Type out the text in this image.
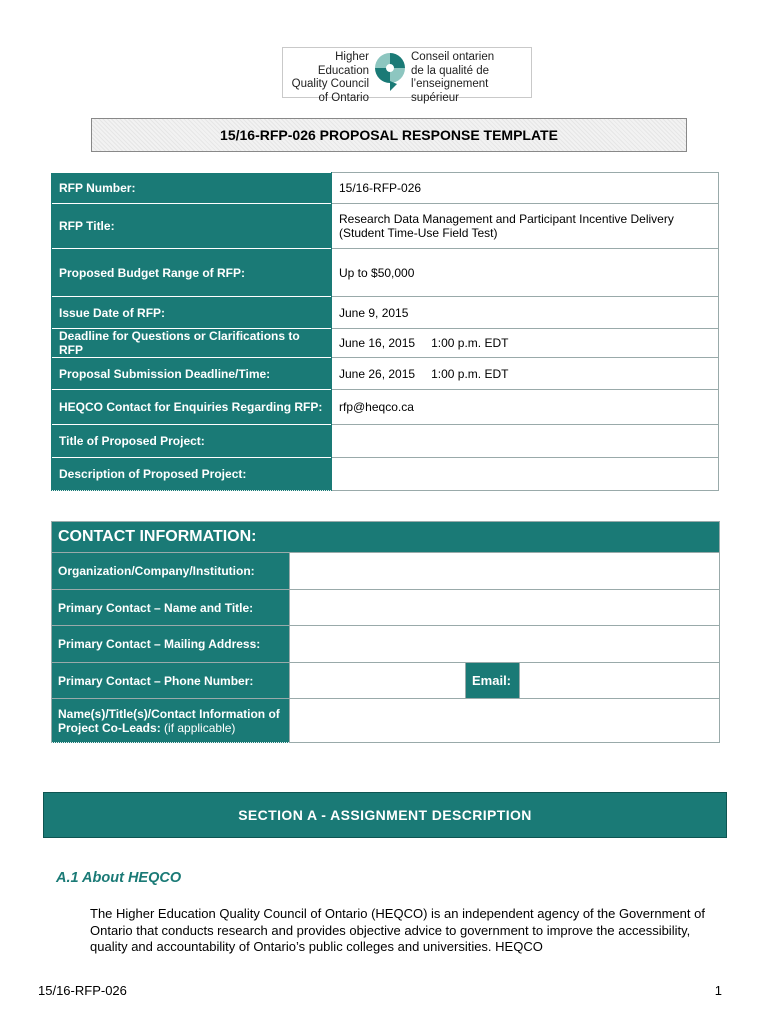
Higher Education
Quality Council
of Ontario
Conseil ontarien
de la qualité de
l’enseignement supérieur
15/16-RFP-026 PROPOSAL RESPONSE TEMPLATE
RFP Number:	15/16-RFP-026
RFP Title:	Research Data Management and Participant Incentive Delivery (Student Time-Use Field Test)
Proposed Budget Range of RFP:	Up to $50,000
Issue Date of RFP:	June 9, 2015
Deadline for Questions or Clarifications to RFP	June 16, 2015 1:00 p.m. EDT
Proposal Submission Deadline/Time:	June 26, 2015 1:00 p.m. EDT
HEQCO Contact for Enquiries Regarding RFP:	rfp@heqco.ca
Title of Proposed Project:	
Description of Proposed Project:	
CONTACT INFORMATION:			
Organization/Company/Institution:			
Primary Contact – Name and Title:			
Primary Contact – Mailing Address:			
Primary Contact – Phone Number:		Email:	

Name(s)/Title(s)/Contact Information of
Project Co-Leads: (if applicable)			

SECTION A - ASSIGNMENT DESCRIPTION
A.1 About HEQCO
The Higher Education Quality Council of Ontario (HEQCO) is an independent agency of the Government of Ontario that conducts research and provides objective advice to government to improve the accessibility, quality and accountability of Ontario’s public colleges and universities. HEQCO
15/16-RFP-026	1
